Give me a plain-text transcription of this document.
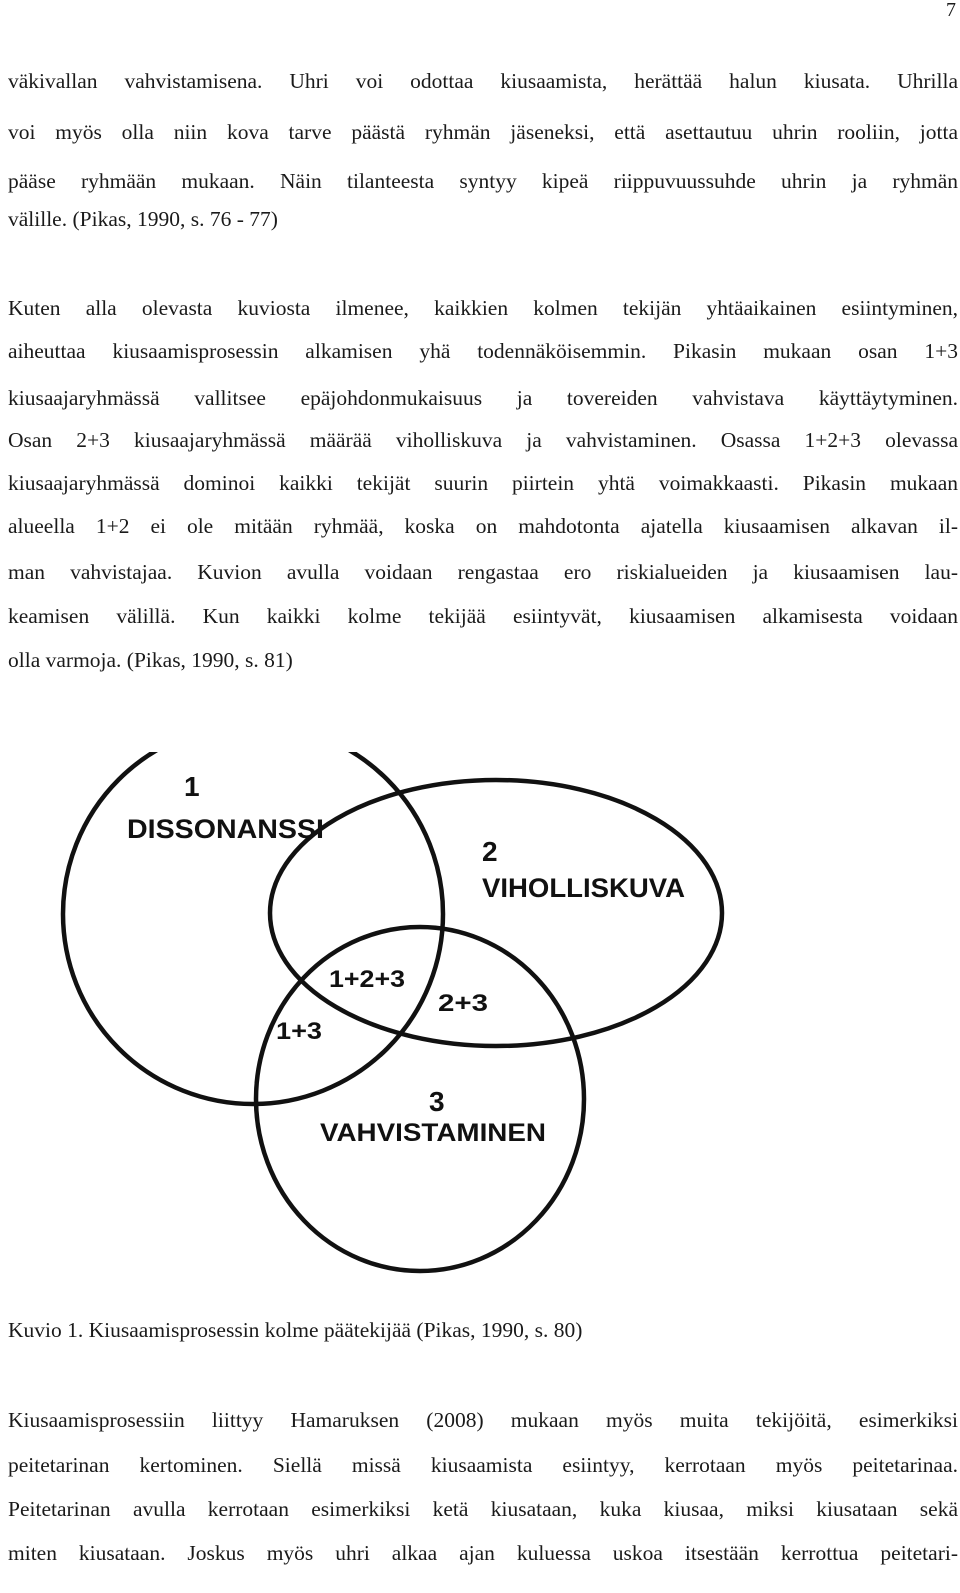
7
väkivallan vahvistamisena. Uhri voi odottaa kiusaamista, herättää halun kiusata. Uhrilla
voi myös olla niin kova tarve päästä ryhmän jäseneksi, että asettautuu uhrin rooliin, jotta
pääse ryhmään mukaan. Näin tilanteesta syntyy kipeä riippuvuussuhde uhrin ja ryhmän
välille. (Pikas, 1990, s. 76 - 77)
Kuten alla olevasta kuviosta ilmenee, kaikkien kolmen tekijän yhtäaikainen esiintyminen,
aiheuttaa kiusaamisprosessin alkamisen yhä todennäköisemmin. Pikasin mukaan osan 1+3
kiusaajaryhmässä vallitsee epäjohdonmukaisuus ja tovereiden vahvistava käyttäytyminen.
Osan 2+3 kiusaajaryhmässä määrää viholliskuva ja vahvistaminen. Osassa 1+2+3 olevassa
kiusaajaryhmässä dominoi kaikki tekijät suurin piirtein yhtä voimakkaasti. Pikasin mukaan
alueella 1+2 ei ole mitään ryhmää, koska on mahdotonta ajatella kiusaamisen alkavan il-
man vahvistajaa. Kuvion avulla voidaan rengastaa ero riskialueiden ja kiusaamisen lau-
keamisen välillä. Kun kaikki kolme tekijää esiintyvät, kiusaamisen alkamisesta voidaan
olla varmoja. (Pikas, 1990, s. 81)
1
DISSONANSSI
2
VIHOLLISKUVA
1+2+3
2+3
1+3
3
VAHVISTAMINEN
Kuvio 1. Kiusaamisprosessin kolme päätekijää (Pikas, 1990, s. 80)
Kiusaamisprosessiin liittyy Hamaruksen (2008) mukaan myös muita tekijöitä, esimerkiksi
peitetarinan kertominen. Siellä missä kiusaamista esiintyy, kerrotaan myös peitetarinaa.
Peitetarinan avulla kerrotaan esimerkiksi ketä kiusataan, kuka kiusaa, miksi kiusataan sekä
miten kiusataan. Joskus myös uhri alkaa ajan kuluessa uskoa itsestään kerrottua peitetari-
